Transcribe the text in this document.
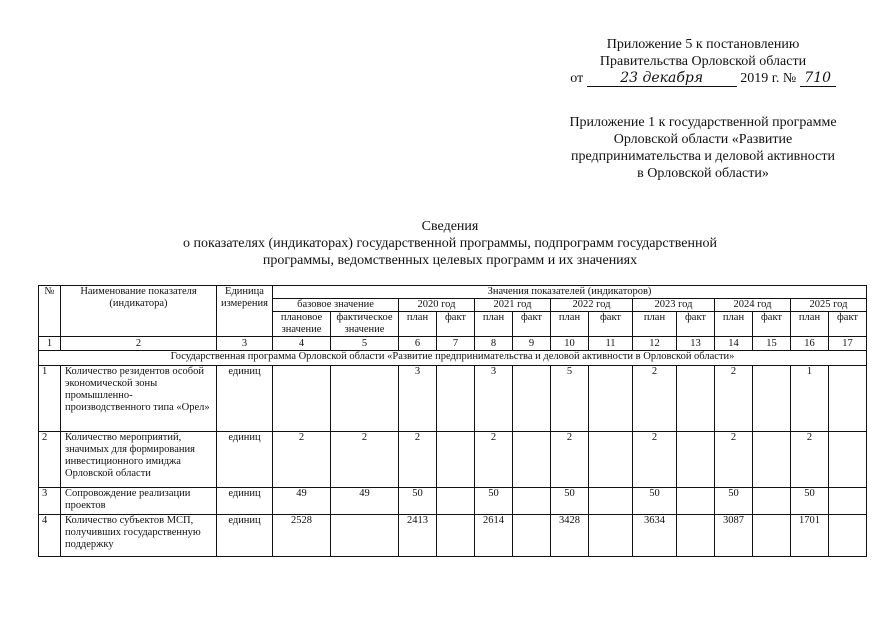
Приложение 5 к постановлению
Правительства Орловской области
от	23 декабря	2019 г. № 710
Приложение 1 к государственной программе
Орловской области «Развитие
предпринимательства и деловой активности
в Орловской области»
Сведения
о показателях (индикаторах) государственной программы, подпрограмм государственной
программы, ведомственных целевых программ и их значениях
№	Наименование показателя (индикатора)	Единица измерения	Значения показателей (индикаторов)													
			базовое значение		2020 год		2021 год		2022 год		2023 год		2024 год		2025 год	
			плановое значение	фактическое значение	план	факт	план	факт	план	факт	план	факт	план	факт	план	факт
1	2	3	4	5	6	7	8	9	10	11	12	13	14	15	16	17
Государственная программа Орловской области «Развитие предпринимательства и деловой активности в Орловской области»																
1	Количество резидентов особой экономической зоны промышленно-производственного типа «Орел»	единиц			3		3		5		2		2		1	
2	Количество мероприятий, значимых для формирования инвестиционного имиджа Орловской области	единиц	2	2	2		2		2		2		2		2	
3	Сопровождение реализации проектов	единиц	49	49	50		50		50		50		50		50	
4	Количество субъектов МСП, получивших государственную поддержку	единиц	2528		2413		2614		3428		3634		3087		1701	
